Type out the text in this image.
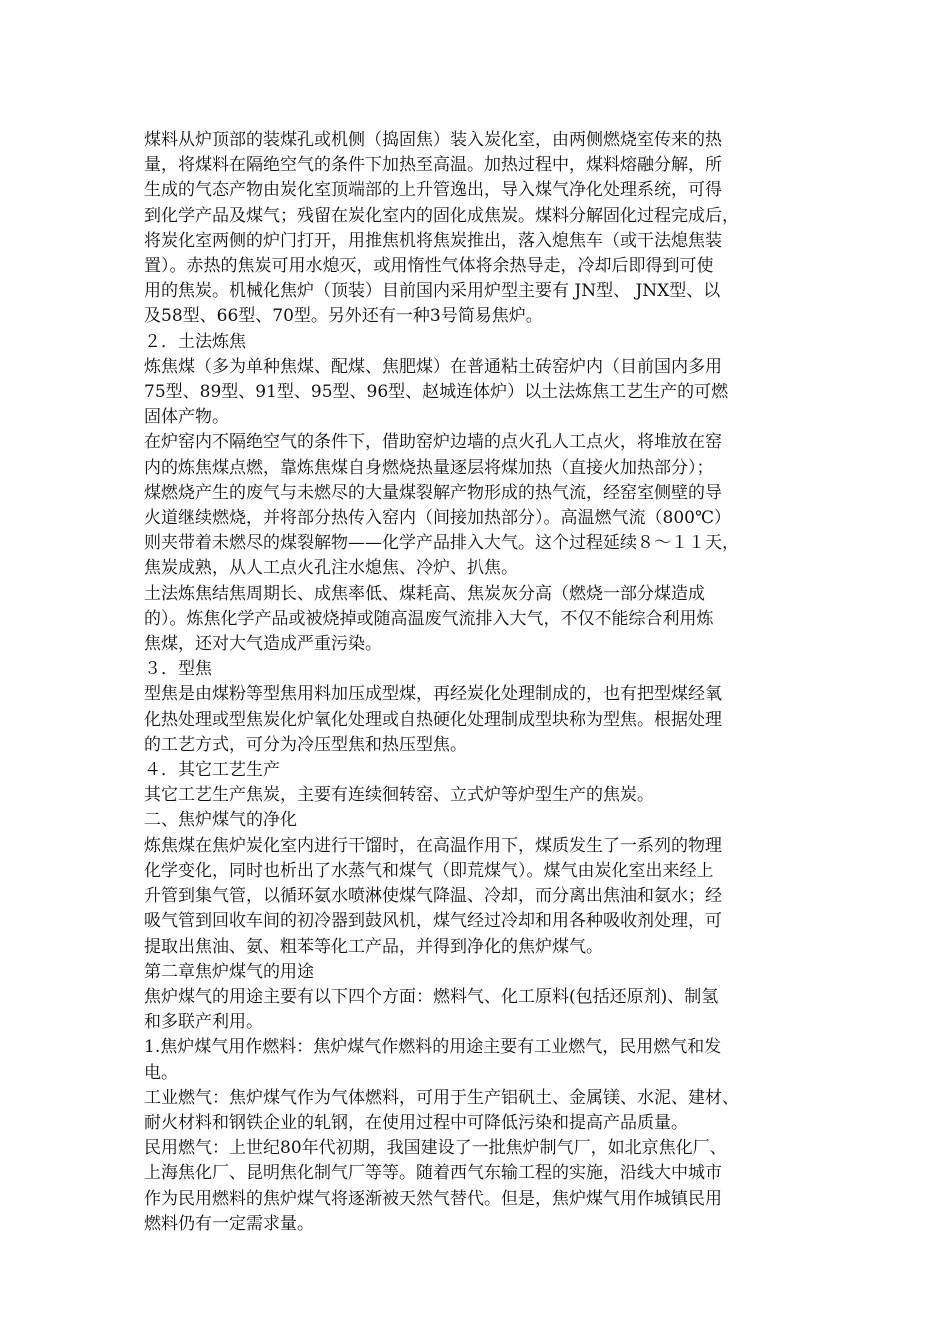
煤料从炉顶部的装煤孔或机侧（捣固焦）装入炭化室，由两侧燃烧室传来的热
量，将煤料在隔绝空气的条件下加热至高温。加热过程中，煤料熔融分解，所
生成的气态产物由炭化室顶端部的上升管逸出，导入煤气净化处理系统，可得
到化学产品及煤气；残留在炭化室内的固化成焦炭。煤料分解固化过程完成后，
将炭化室两侧的炉门打开，用推焦机将焦炭推出，落入熄焦车（或干法熄焦装
置）。赤热的焦炭可用水熄灭，或用惰性气体将余热导走，冷却后即得到可使
用的焦炭。机械化焦炉（顶装）目前国内采用炉型主要有 JN型、 JNX型、以
及58型、66型、70型。另外还有一种3号简易焦炉。
２．土法炼焦
炼焦煤（多为单种焦煤、配煤、焦肥煤）在普通粘土砖窑炉内（目前国内多用
75型、89型、91型、95型、96型、赵城连体炉）以土法炼焦工艺生产的可燃
固体产物。
在炉窑内不隔绝空气的条件下，借助窑炉边墙的点火孔人工点火，将堆放在窑
内的炼焦煤点燃，靠炼焦煤自身燃烧热量逐层将煤加热（直接火加热部分）；
煤燃烧产生的废气与未燃尽的大量煤裂解产物形成的热气流，经窑室侧壁的导
火道继续燃烧，并将部分热传入窑内（间接加热部分）。高温燃气流（800℃）
则夹带着未燃尽的煤裂解物——化学产品排入大气。这个过程延续８～１１天，
焦炭成熟，从人工点火孔注水熄焦、冷炉、扒焦。
土法炼焦结焦周期长、成焦率低、煤耗高、焦炭灰分高（燃烧一部分煤造成
的）。炼焦化学产品或被烧掉或随高温废气流排入大气，不仅不能综合利用炼
焦煤，还对大气造成严重污染。
３．型焦
型焦是由煤粉等型焦用料加压成型煤，再经炭化处理制成的，也有把型煤经氧
化热处理或型焦炭化炉氧化处理或自热硬化处理制成型块称为型焦。根据处理
的工艺方式，可分为冷压型焦和热压型焦。
４．其它工艺生产
其它工艺生产焦炭，主要有连续徊转窑、立式炉等炉型生产的焦炭。
二、焦炉煤气的净化
炼焦煤在焦炉炭化室内进行干馏时，在高温作用下，煤质发生了一系列的物理
化学变化，同时也析出了水蒸气和煤气（即荒煤气）。煤气由炭化室出来经上
升管到集气管，以循环氨水喷淋使煤气降温、冷却，而分离出焦油和氨水；经
吸气管到回收车间的初冷器到鼓风机，煤气经过冷却和用各种吸收剂处理，可
提取出焦油、氨、粗苯等化工产品，并得到净化的焦炉煤气。
第二章焦炉煤气的用途
焦炉煤气的用途主要有以下四个方面：燃料气、化工原料(包括还原剂)、制氢
和多联产利用。
1.焦炉煤气用作燃料：焦炉煤气作燃料的用途主要有工业燃气，民用燃气和发
电。
工业燃气：焦炉煤气作为气体燃料，可用于生产铝矾土、金属镁、水泥、建材、
耐火材料和钢铁企业的轧钢，在使用过程中可降低污染和提高产品质量。
民用燃气：上世纪80年代初期，我国建设了一批焦炉制气厂，如北京焦化厂、
上海焦化厂、昆明焦化制气厂等等。随着西气东输工程的实施，沿线大中城市
作为民用燃料的焦炉煤气将逐渐被天然气替代。但是，焦炉煤气用作城镇民用
燃料仍有一定需求量。
